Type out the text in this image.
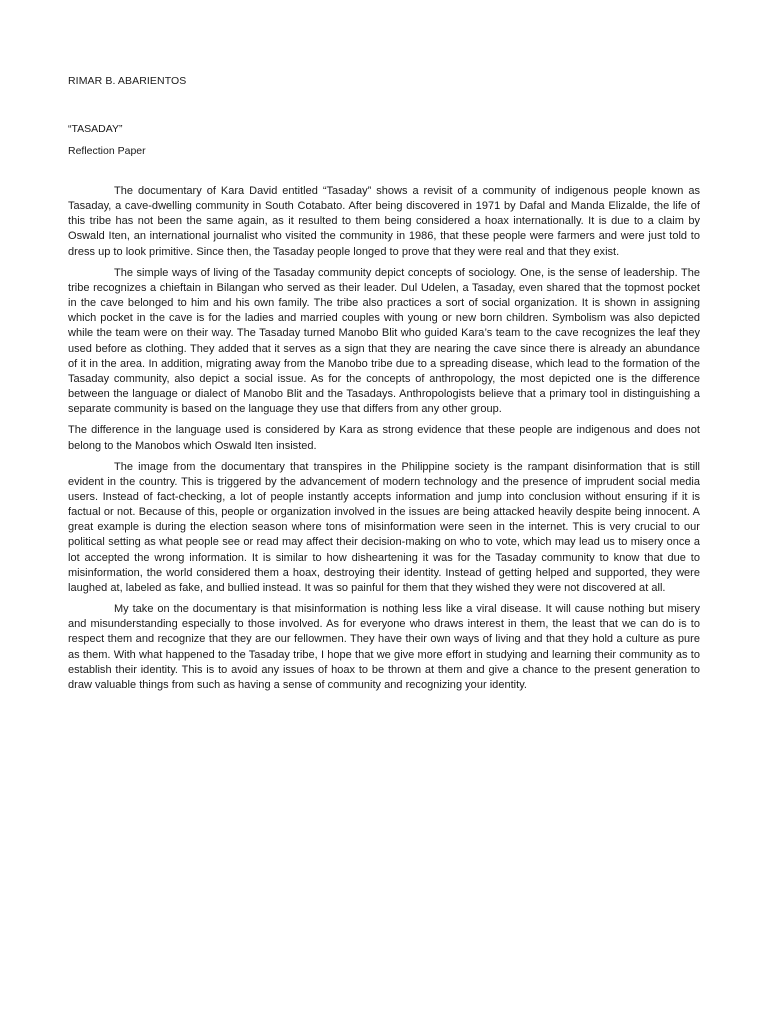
RIMAR B. ABARIENTOS

“TASADAY”

Reflection Paper

The documentary of Kara David entitled “Tasaday” shows a revisit of a community of indigenous people known as Tasaday, a cave-dwelling community in South Cotabato. After being discovered in 1971 by Dafal and Manda Elizalde, the life of this tribe has not been the same again, as it resulted to them being considered a hoax internationally. It is due to a claim by Oswald Iten, an international journalist who visited the community in 1986, that these people were farmers and were just told to dress up to look primitive. Since then, the Tasaday people longed to prove that they were real and that they exist.

The simple ways of living of the Tasaday community depict concepts of sociology. One, is the sense of leadership. The tribe recognizes a chieftain in Bilangan who served as their leader. Dul Udelen, a Tasaday, even shared that the topmost pocket in the cave belonged to him and his own family. The tribe also practices a sort of social organization. It is shown in assigning which pocket in the cave is for the ladies and married couples with young or new born children. Symbolism was also depicted while the team were on their way. The Tasaday turned Manobo Blit who guided Kara’s team to the cave recognizes the leaf they used before as clothing. They added that it serves as a sign that they are nearing the cave since there is already an abundance of it in the area. In addition, migrating away from the Manobo tribe due to a spreading disease, which lead to the formation of the Tasaday community, also depict a social issue. As for the concepts of anthropology, the most depicted one is the difference between the language or dialect of Manobo Blit and the Tasadays. Anthropologists believe that a primary tool in distinguishing a separate community is based on the language they use that differs from any other group.

The difference in the language used is considered by Kara as strong evidence that these people are indigenous and does not belong to the Manobos which Oswald Iten insisted.

The image from the documentary that transpires in the Philippine society is the rampant disinformation that is still evident in the country. This is triggered by the advancement of modern technology and the presence of imprudent social media users. Instead of fact-checking, a lot of people instantly accepts information and jump into conclusion without ensuring if it is factual or not. Because of this, people or organization involved in the issues are being attacked heavily despite being innocent. A great example is during the election season where tons of misinformation were seen in the internet. This is very crucial to our political setting as what people see or read may affect their decision-making on who to vote, which may lead us to misery once a lot accepted the wrong information. It is similar to how disheartening it was for the Tasaday community to know that due to misinformation, the world considered them a hoax, destroying their identity. Instead of getting helped and supported, they were laughed at, labeled as fake, and bullied instead. It was so painful for them that they wished they were not discovered at all.

My take on the documentary is that misinformation is nothing less like a viral disease. It will cause nothing but misery and misunderstanding especially to those involved. As for everyone who draws interest in them, the least that we can do is to respect them and recognize that they are our fellowmen. They have their own ways of living and that they hold a culture as pure as them. With what happened to the Tasaday tribe, I hope that we give more effort in studying and learning their community as to establish their identity. This is to avoid any issues of hoax to be thrown at them and give a chance to the present generation to draw valuable things from such as having a sense of community and recognizing your identity.
